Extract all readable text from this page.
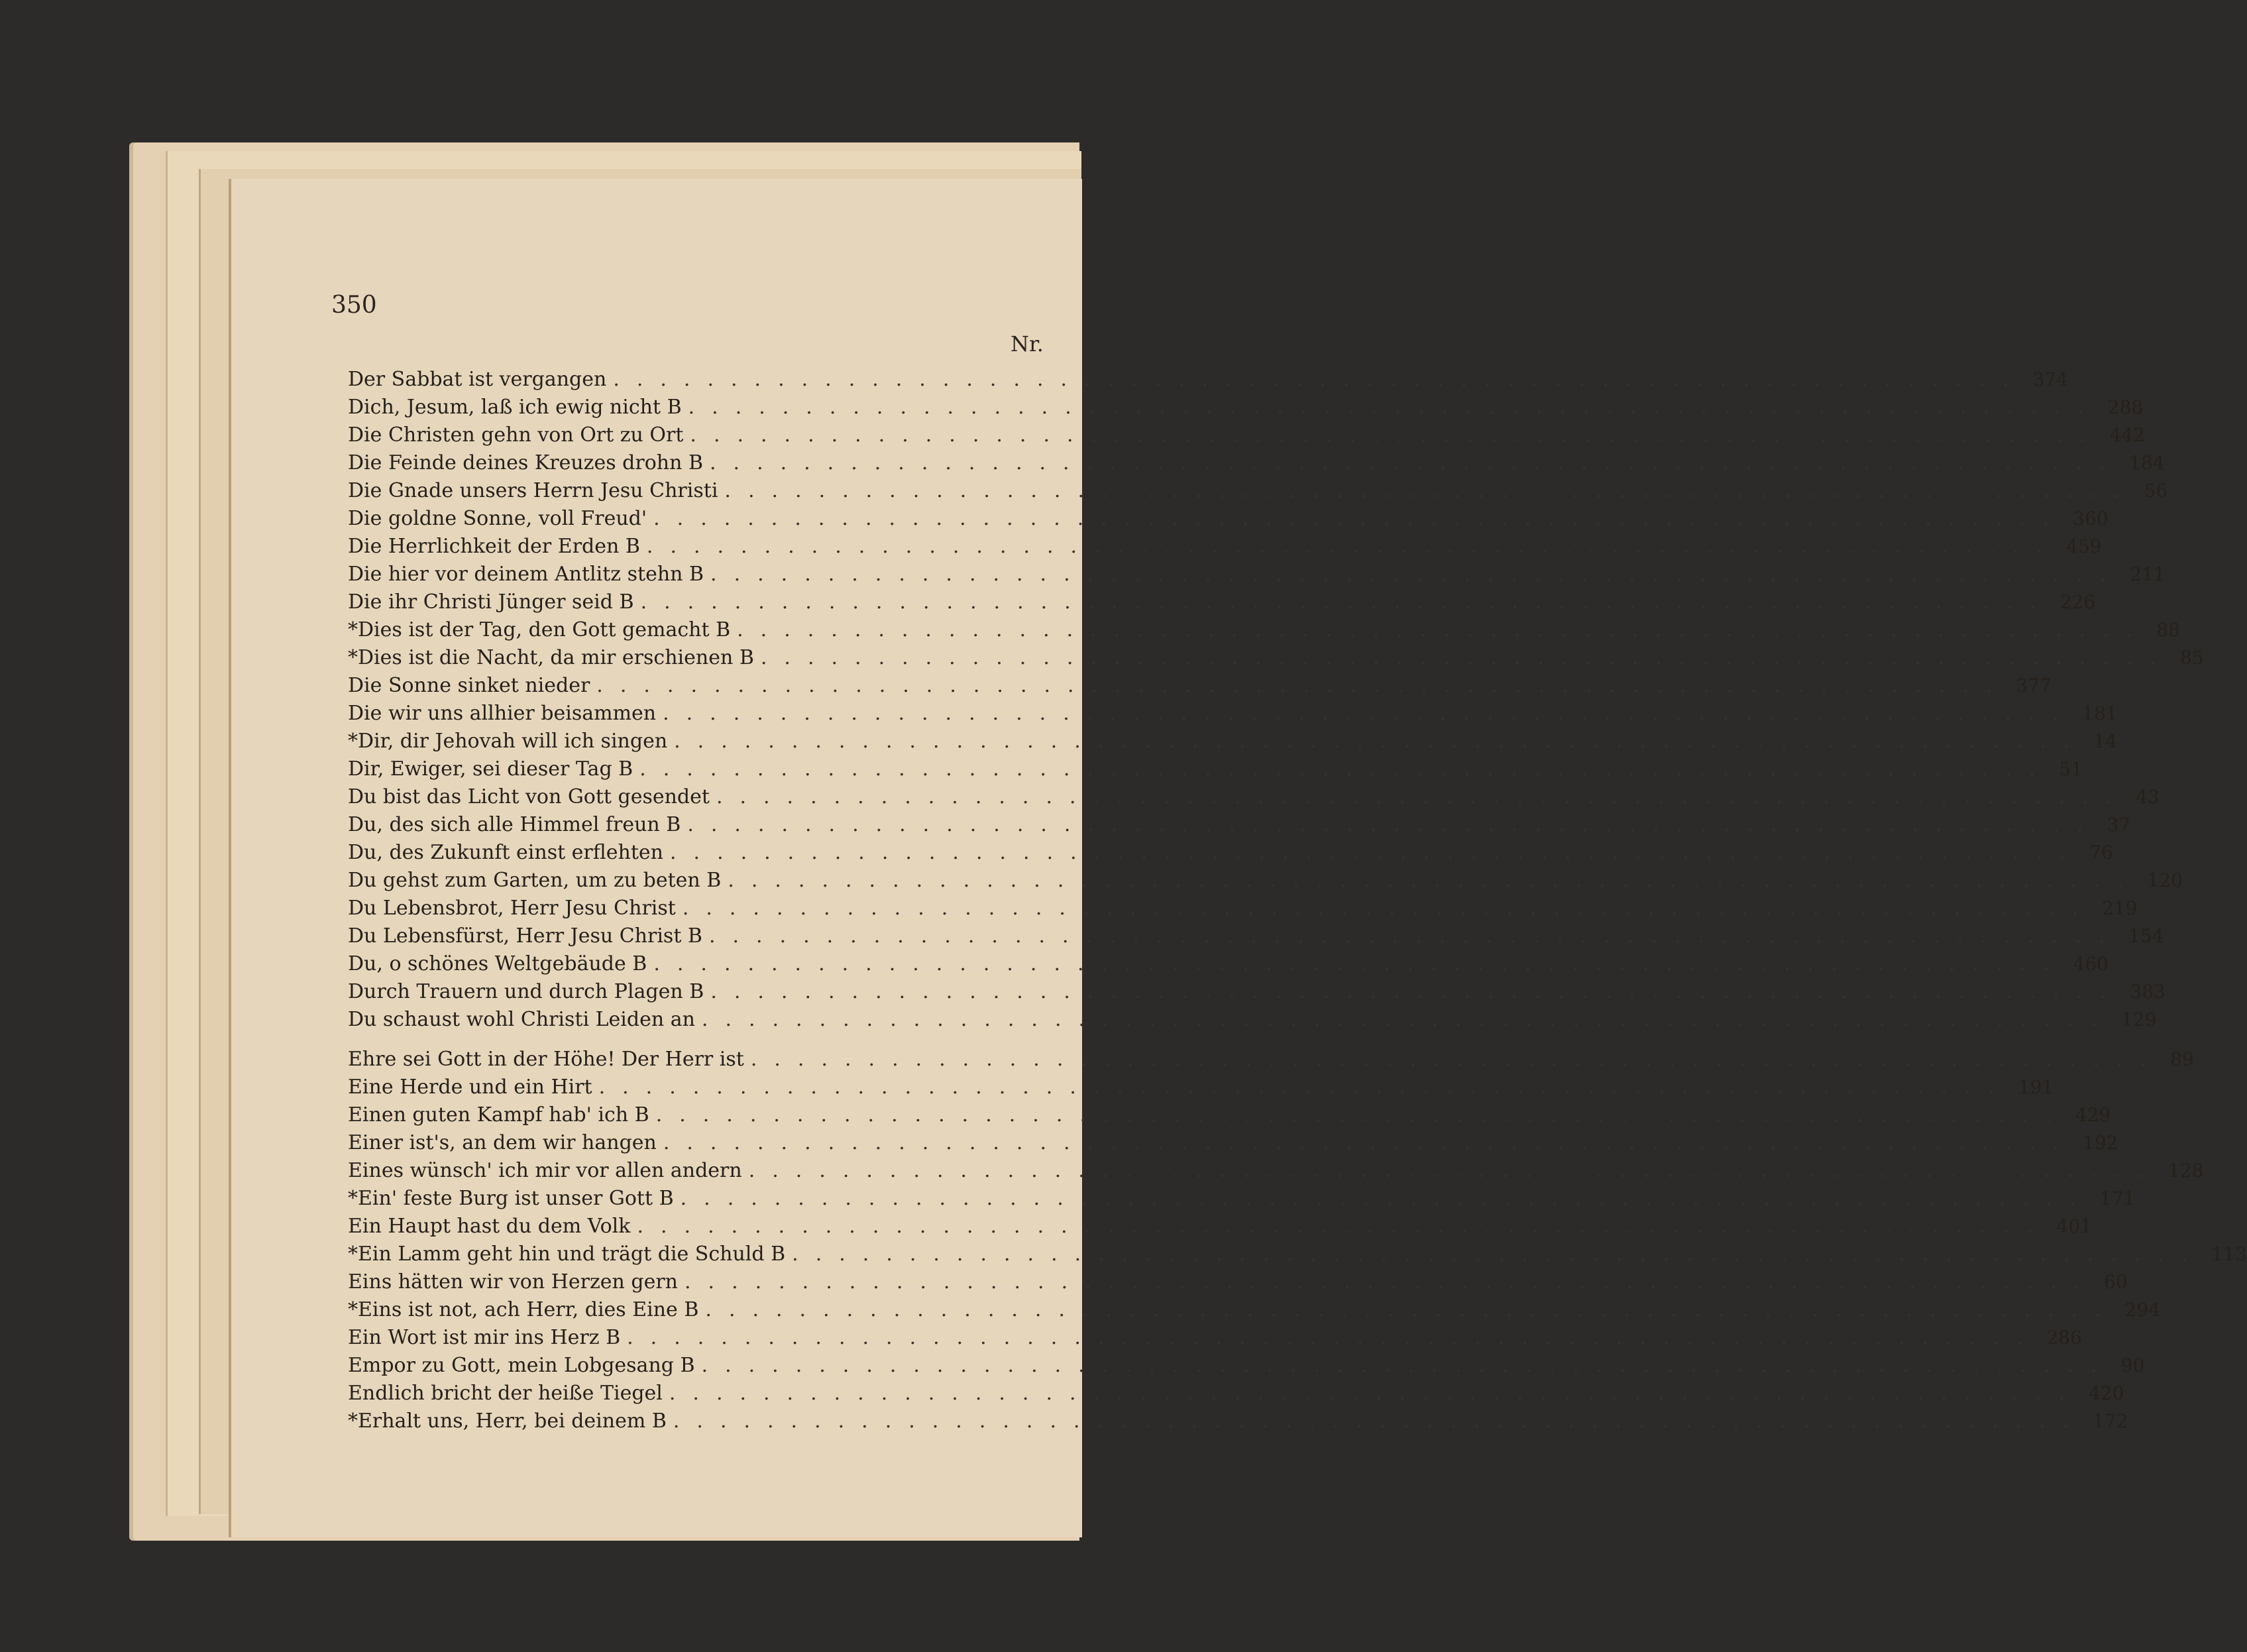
350
Nr.
Der Sabbat ist vergangen ............................................................ 374
Dich, Jesum, laß ich ewig nicht B ............................................................ 288
Die Christen gehn von Ort zu Ort ............................................................ 442
Die Feinde deines Kreuzes drohn B ............................................................ 184
Die Gnade unsers Herrn Jesu Christi ............................................................ 56
Die goldne Sonne, voll Freud' ............................................................ 360
Die Herrlichkeit der Erden B ............................................................ 459
Die hier vor deinem Antlitz stehn B ............................................................ 211
Die ihr Christi Jünger seid B ............................................................ 226
*Dies ist der Tag, den Gott gemacht B ............................................................ 88
*Dies ist die Nacht, da mir erschienen B ............................................................ 85
Die Sonne sinket nieder ............................................................ 377
Die wir uns allhier beisammen ............................................................ 181
*Dir, dir Jehovah will ich singen ............................................................ 14
Dir, Ewiger, sei dieser Tag B ............................................................ 51
Du bist das Licht von Gott gesendet ............................................................ 43
Du, des sich alle Himmel freun B ............................................................ 37
Du, des Zukunft einst erflehten ............................................................ 76
Du gehst zum Garten, um zu beten B ............................................................ 120
Du Lebensbrot, Herr Jesu Christ ............................................................ 219
Du Lebensfürst, Herr Jesu Christ B ............................................................ 154
Du, o schönes Weltgebäude B ............................................................ 460
Durch Trauern und durch Plagen B ............................................................ 383
Du schaust wohl Christi Leiden an ............................................................ 129
Ehre sei Gott in der Höhe! Der Herr ist ............................................................ 89
Eine Herde und ein Hirt ............................................................ 191
Einen guten Kampf hab' ich B ............................................................ 429
Einer ist's, an dem wir hangen ............................................................ 192
Eines wünsch' ich mir vor allen andern ............................................................ 128
*Ein' feste Burg ist unser Gott B ............................................................ 171
Ein Haupt hast du dem Volk ............................................................ 401
*Ein Lamm geht hin und trägt die Schuld B ............................................................ 113
Eins hätten wir von Herzen gern ............................................................ 60
*Eins ist not, ach Herr, dies Eine B ............................................................ 294
Ein Wort ist mir ins Herz B ............................................................ 286
Empor zu Gott, mein Lobgesang B ............................................................ 90
Endlich bricht der heiße Tiegel ............................................................ 420
*Erhalt uns, Herr, bei deinem B ............................................................ 172
